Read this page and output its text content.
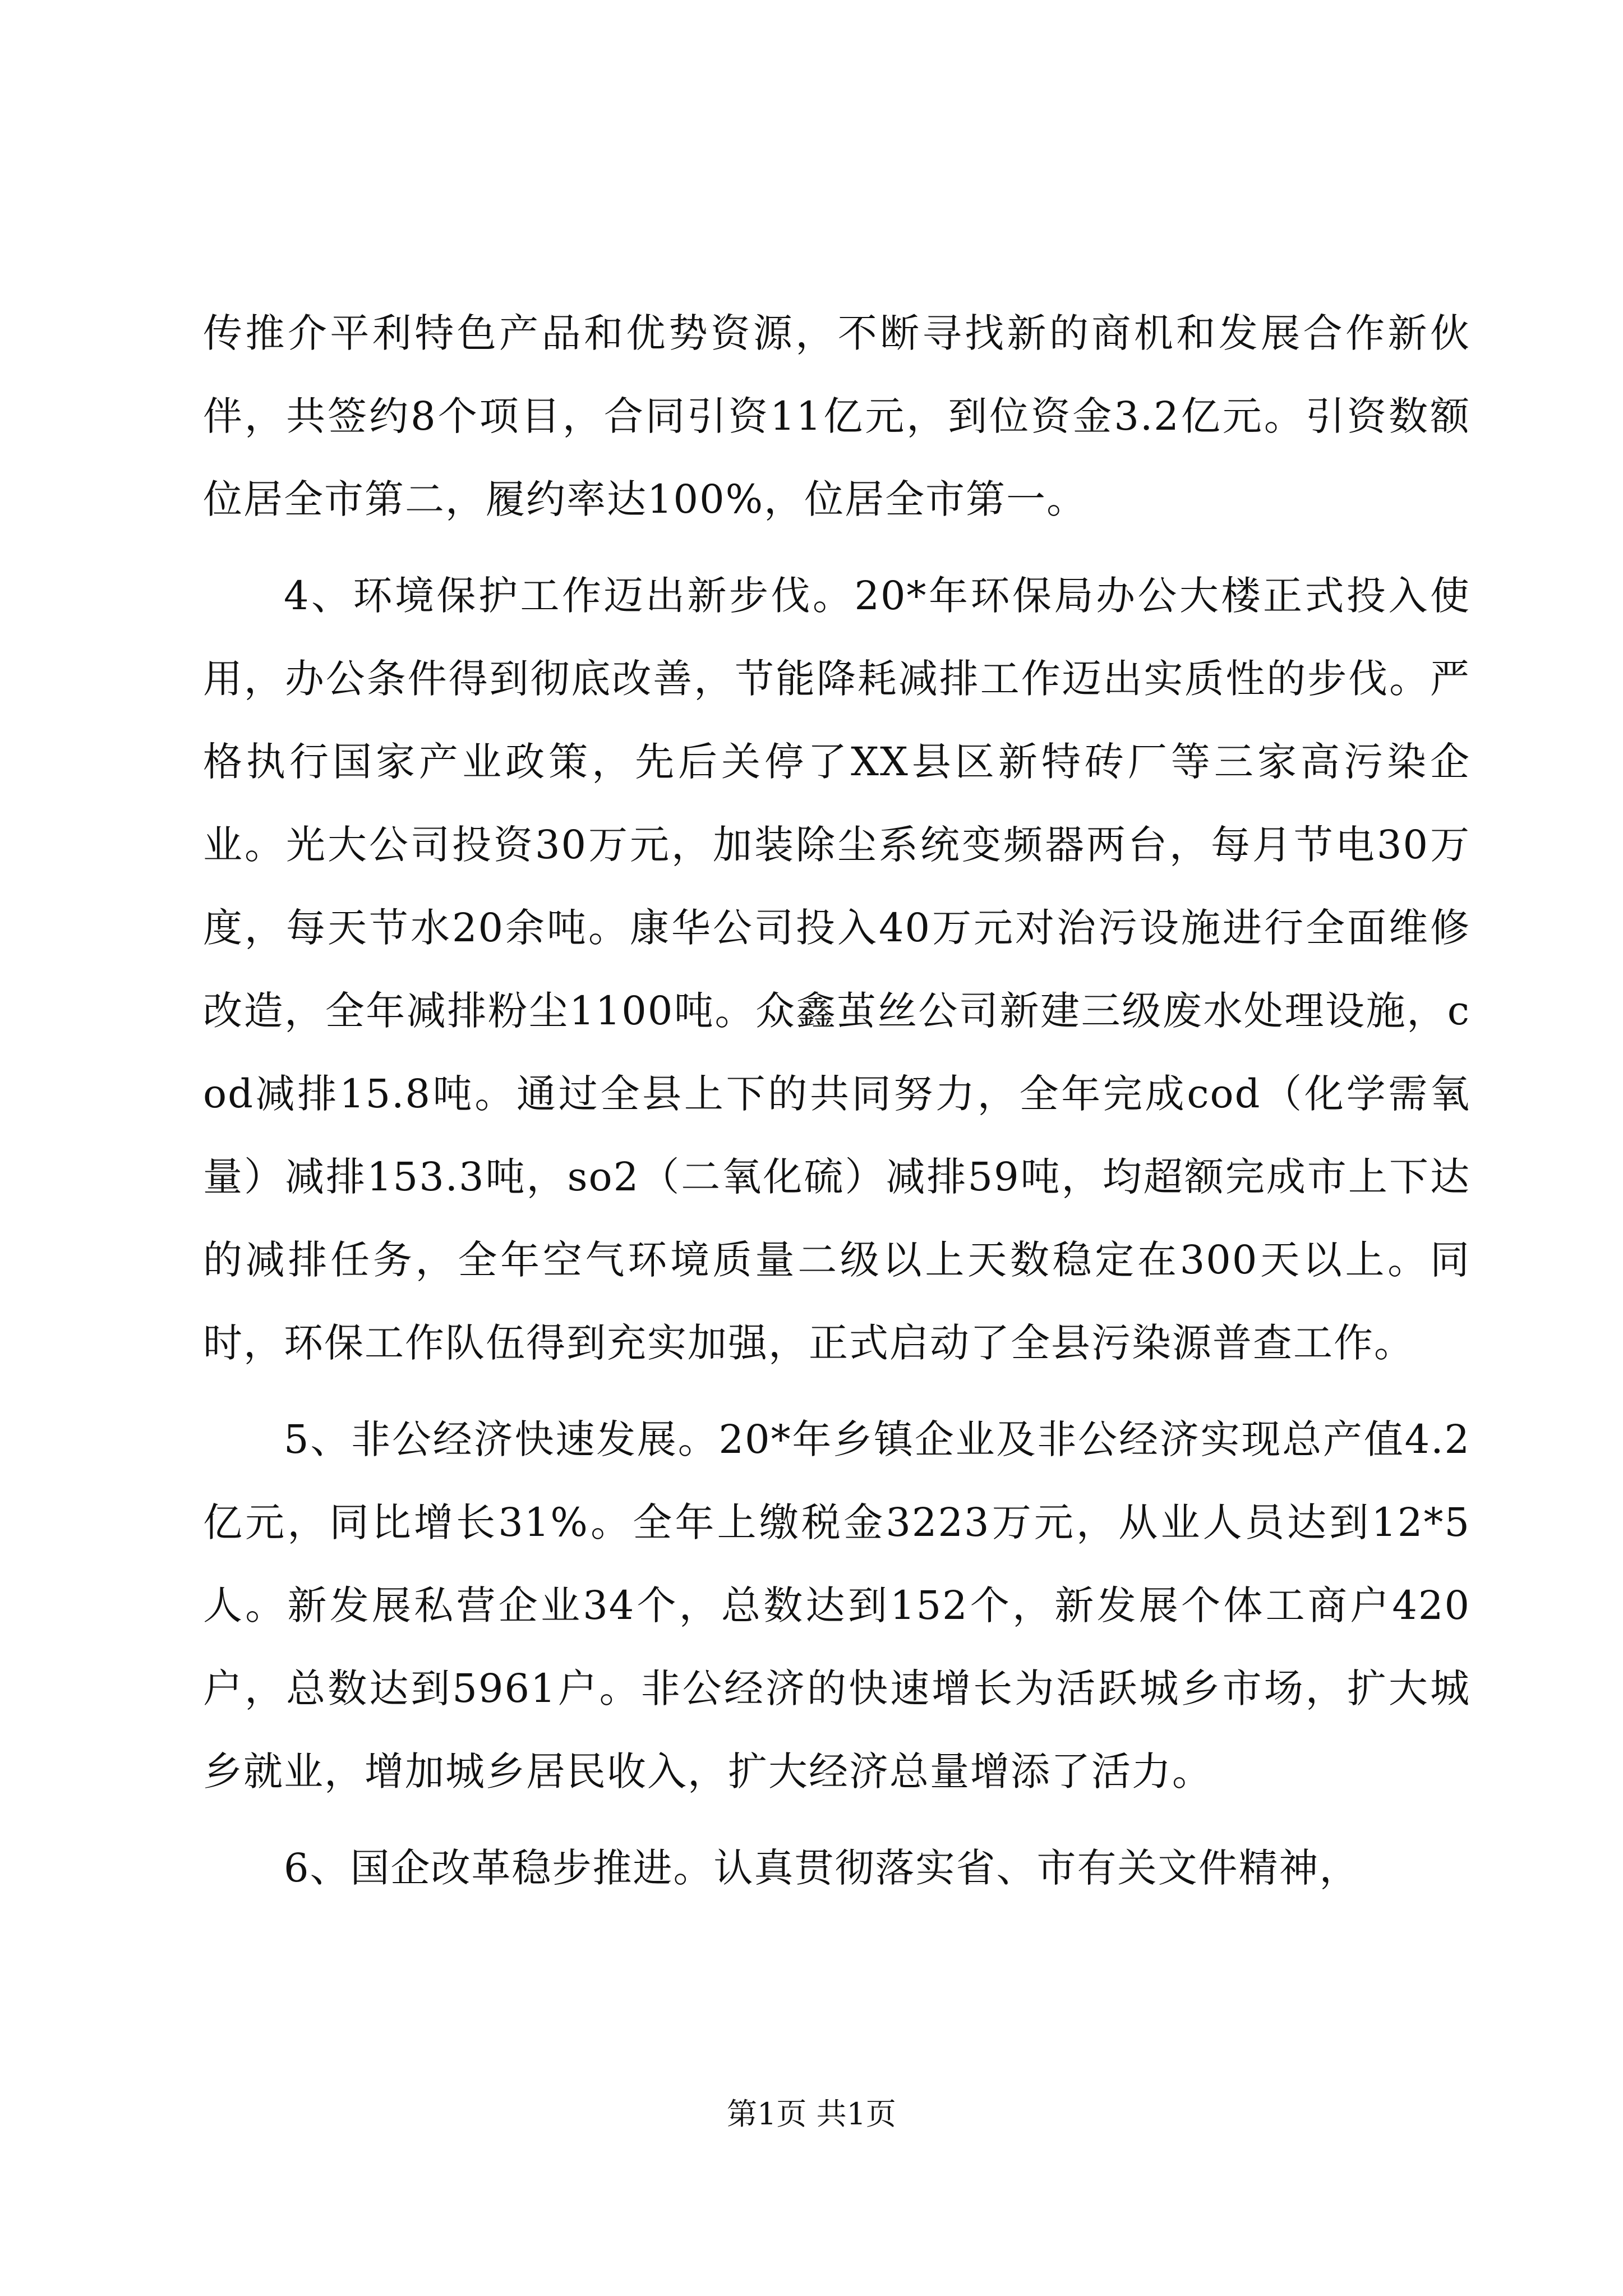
传推介平利特色产品和优势资源，不断寻找新的商机和发展合作新伙伴，共签约8个项目，合同引资11亿元，到位资金3.2亿元。引资数额位居全市第二，履约率达100%，位居全市第一。

4、环境保护工作迈出新步伐。20*年环保局办公大楼正式投入使用，办公条件得到彻底改善，节能降耗减排工作迈出实质性的步伐。严格执行国家产业政策，先后关停了XX县区新特砖厂等三家高污染企业。光大公司投资30万元，加装除尘系统变频器两台，每月节电30万度，每天节水20余吨。康华公司投入40万元对治污设施进行全面维修改造，全年减排粉尘1100吨。众鑫茧丝公司新建三级废水处理设施，cod减排15.8吨。通过全县上下的共同努力，全年完成cod（化学需氧量）减排153.3吨，so2（二氧化硫）减排59吨，均超额完成市上下达的减排任务，全年空气环境质量二级以上天数稳定在300天以上。同时，环保工作队伍得到充实加强，正式启动了全县污染源普查工作。

5、非公经济快速发展。20*年乡镇企业及非公经济实现总产值4.2亿元，同比增长31%。全年上缴税金3223万元，从业人员达到12*5人。新发展私营企业34个，总数达到152个，新发展个体工商户420户，总数达到5961户。非公经济的快速增长为活跃城乡市场，扩大城乡就业，增加城乡居民收入，扩大经济总量增添了活力。

6、国企改革稳步推进。认真贯彻落实省、市有关文件精神，

第1页 共1页
